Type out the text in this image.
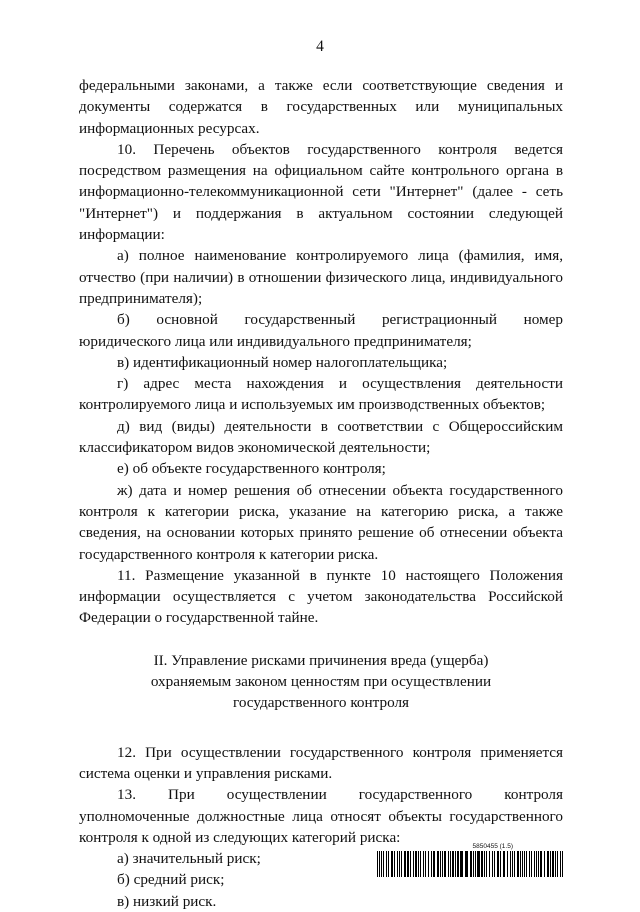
4

федеральными законами, а также если соответствующие сведения и документы содержатся в государственных или муниципальных информационных ресурсах.

10. Перечень объектов государственного контроля ведется посредством размещения на официальном сайте контрольного органа в информационно-телекоммуникационной сети "Интернет" (далее - сеть "Интернет") и поддержания в актуальном состоянии следующей информации:

а) полное наименование контролируемого лица (фамилия, имя, отчество (при наличии) в отношении физического лица, индивидуального предпринимателя);

б) основной государственный регистрационный номер юридического лица или индивидуального предпринимателя;

в) идентификационный номер налогоплательщика;

г) адрес места нахождения и осуществления деятельности контролируемого лица и используемых им производственных объектов;

д) вид (виды) деятельности в соответствии с Общероссийским классификатором видов экономической деятельности;

е) об объекте государственного контроля;

ж) дата и номер решения об отнесении объекта государственного контроля к категории риска, указание на категорию риска, а также сведения, на основании которых принято решение об отнесении объекта государственного контроля к категории риска.

11. Размещение указанной в пункте 10 настоящего Положения информации осуществляется с учетом законодательства Российской Федерации о государственной тайне.

II. Управление рисками причинения вреда (ущерба)
охраняемым законом ценностям при осуществлении
государственного контроля

12. При осуществлении государственного контроля применяется система оценки и управления рисками.

13. При осуществлении государственного контроля уполномоченные должностные лица относят объекты государственного контроля к одной из следующих категорий риска:

а) значительный риск;

б) средний риск;

в) низкий риск.

5850455 (1.5)
